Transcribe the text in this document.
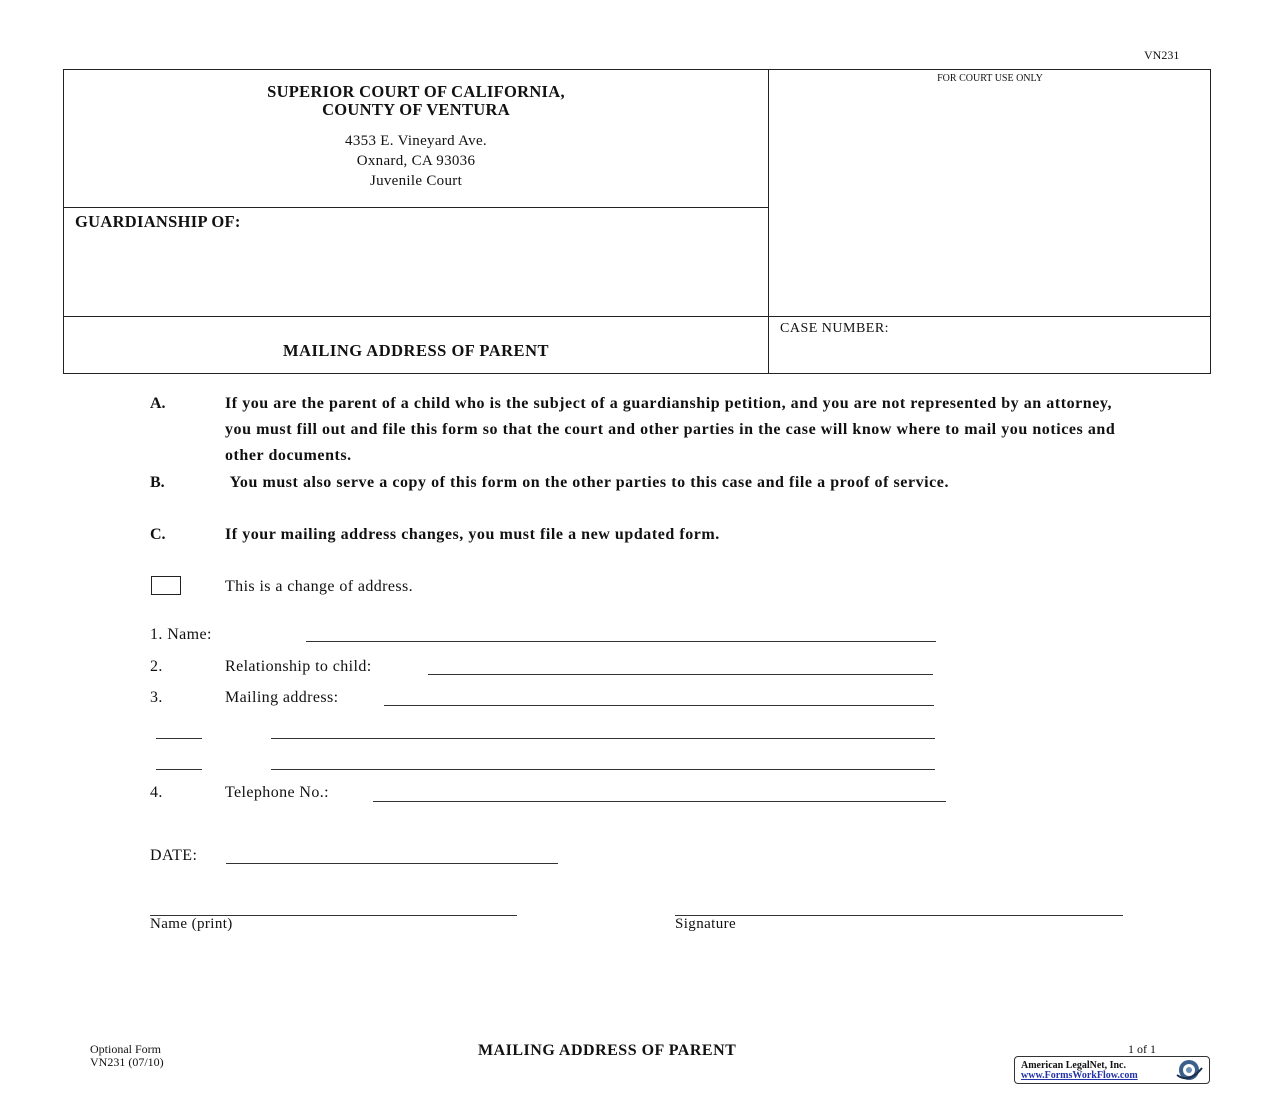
VN231
SUPERIOR COURT OF CALIFORNIA,
COUNTY OF VENTURA
4353 E. Vineyard Ave.
Oxnard, CA 93036
Juvenile Court
FOR COURT USE ONLY
GUARDIANSHIP OF:
CASE NUMBER:
MAILING ADDRESS OF PARENT
A.	If you are the parent of a child who is the subject of a guardianship petition, and you are not represented by an attorney, you must fill out and file this form so that the court and other parties in the case will know where to mail you notices and other documents.
B.	You must also serve a copy of this form on the other parties to this case and file a proof of service.
C.	If your mailing address changes, you must file a new updated form.
This is a change of address.
1. Name:
2.	Relationship to child:
3.	Mailing address:
4.	Telephone No.:
DATE:
Name (print)	Signature
Optional Form
VN231 (07/10)
MAILING ADDRESS OF PARENT	1 of 1
American LegalNet, Inc.
www.FormsWorkFlow.com
